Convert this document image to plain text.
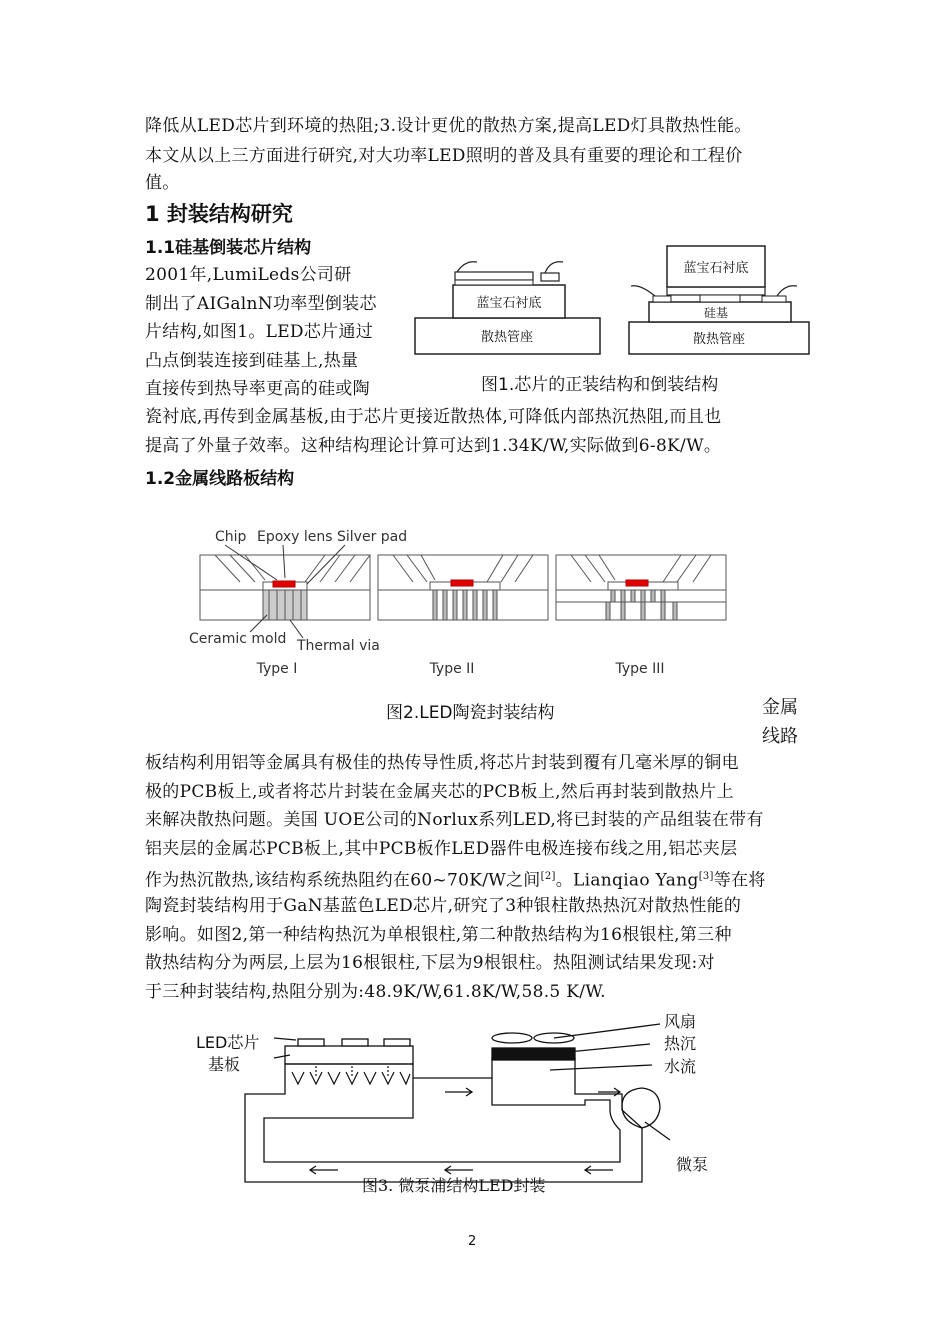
降低从LED芯片到环境的热阻;3.设计更优的散热方案,提高LED灯具散热性能。
本文从以上三方面进行研究,对大功率LED照明的普及具有重要的理论和工程价
值。
1 封装结构研究
1.1硅基倒装芯片结构
2001年,LumiLeds公司研
制出了AIGalnN功率型倒装芯
片结构,如图1。LED芯片通过
凸点倒装连接到硅基上,热量
直接传到热导率更高的硅或陶
瓷衬底,再传到金属基板,由于芯片更接近散热体,可降低内部热沉热阻,而且也
提高了外量子效率。这种结构理论计算可达到1.34K/W,实际做到6-8K/W。
1.2金属线路板结构
蓝宝石衬底
散热管座
蓝宝石衬底
硅基
散热管座
图1.芯片的正装结构和倒装结构
Chip Epoxy lens Silver pad
Ceramic mold Thermal via
Type I	Type II	Type III
图2.LED陶瓷封装结构	金属
线路
板结构利用铝等金属具有极佳的热传导性质,将芯片封装到覆有几毫米厚的铜电
极的PCB板上,或者将芯片封装在金属夹芯的PCB板上,然后再封装到散热片上
来解决散热问题。美国 UOE公司的Norlux系列LED,将已封装的产品组装在带有
铝夹层的金属芯PCB板上,其中PCB板作LED器件电极连接布线之用,铝芯夹层
作为热沉散热,该结构系统热阻约在60~70K/W之间[2]。Lianqiao Yang[3]等在将
陶瓷封装结构用于GaN基蓝色LED芯片,研究了3种银柱散热热沉对散热性能的
影响。如图2,第一种结构热沉为单根银柱,第二种散热结构为16根银柱,第三种
散热结构分为两层,上层为16根银柱,下层为9根银柱。热阻测试结果发现:对
于三种封装结构,热阻分别为:48.9K/W,61.8K/W,58.5 K/W.
LED芯片
基板
风扇
热沉
水流
微泵
图3. 微泵浦结构LED封装
2
